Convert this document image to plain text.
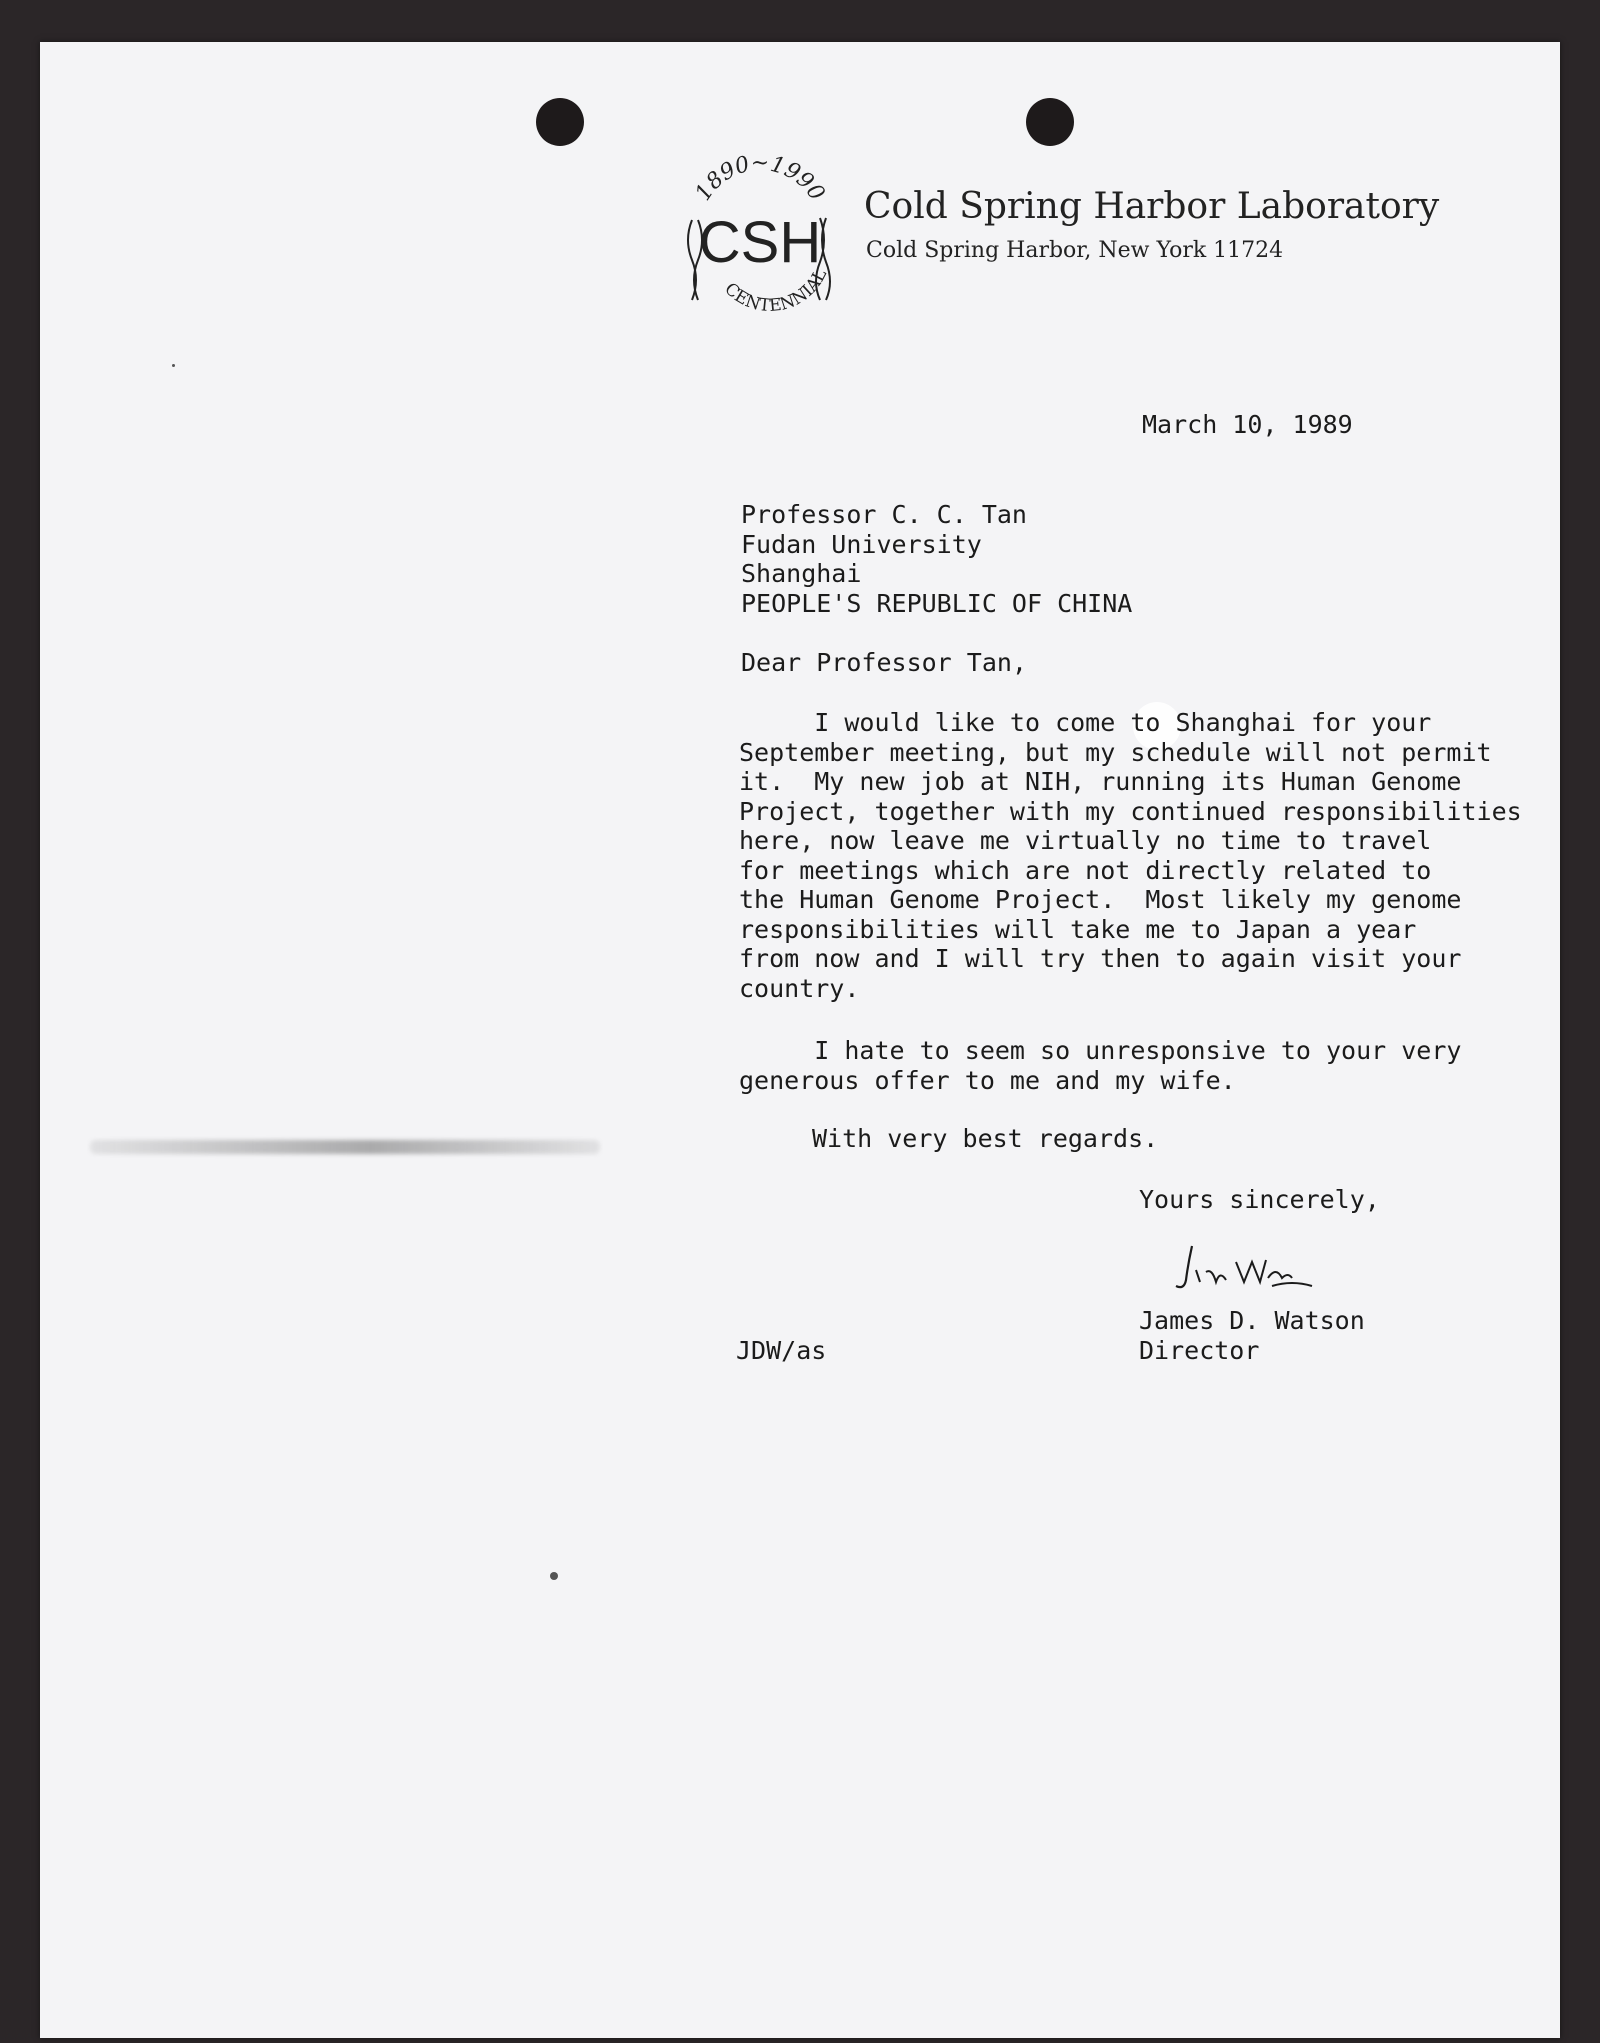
1890~1990
CSH
CENTENNIAL
Cold Spring Harbor Laboratory
Cold Spring Harbor, New York 11724
March 10, 1989
Professor C. C. Tan
Fudan University
Shanghai
PEOPLE'S REPUBLIC OF CHINA
Dear Professor Tan,
I would like to come to Shanghai for your
September meeting, but my schedule will not permit
it.  My new job at NIH, running its Human Genome
Project, together with my continued responsibilities
here, now leave me virtually no time to travel
for meetings which are not directly related to
the Human Genome Project.  Most likely my genome
responsibilities will take me to Japan a year
from now and I will try then to again visit your
country.
I hate to seem so unresponsive to your very
generous offer to me and my wife.
With very best regards.
Yours sincerely,
James D. Watson
Director
JDW/as
